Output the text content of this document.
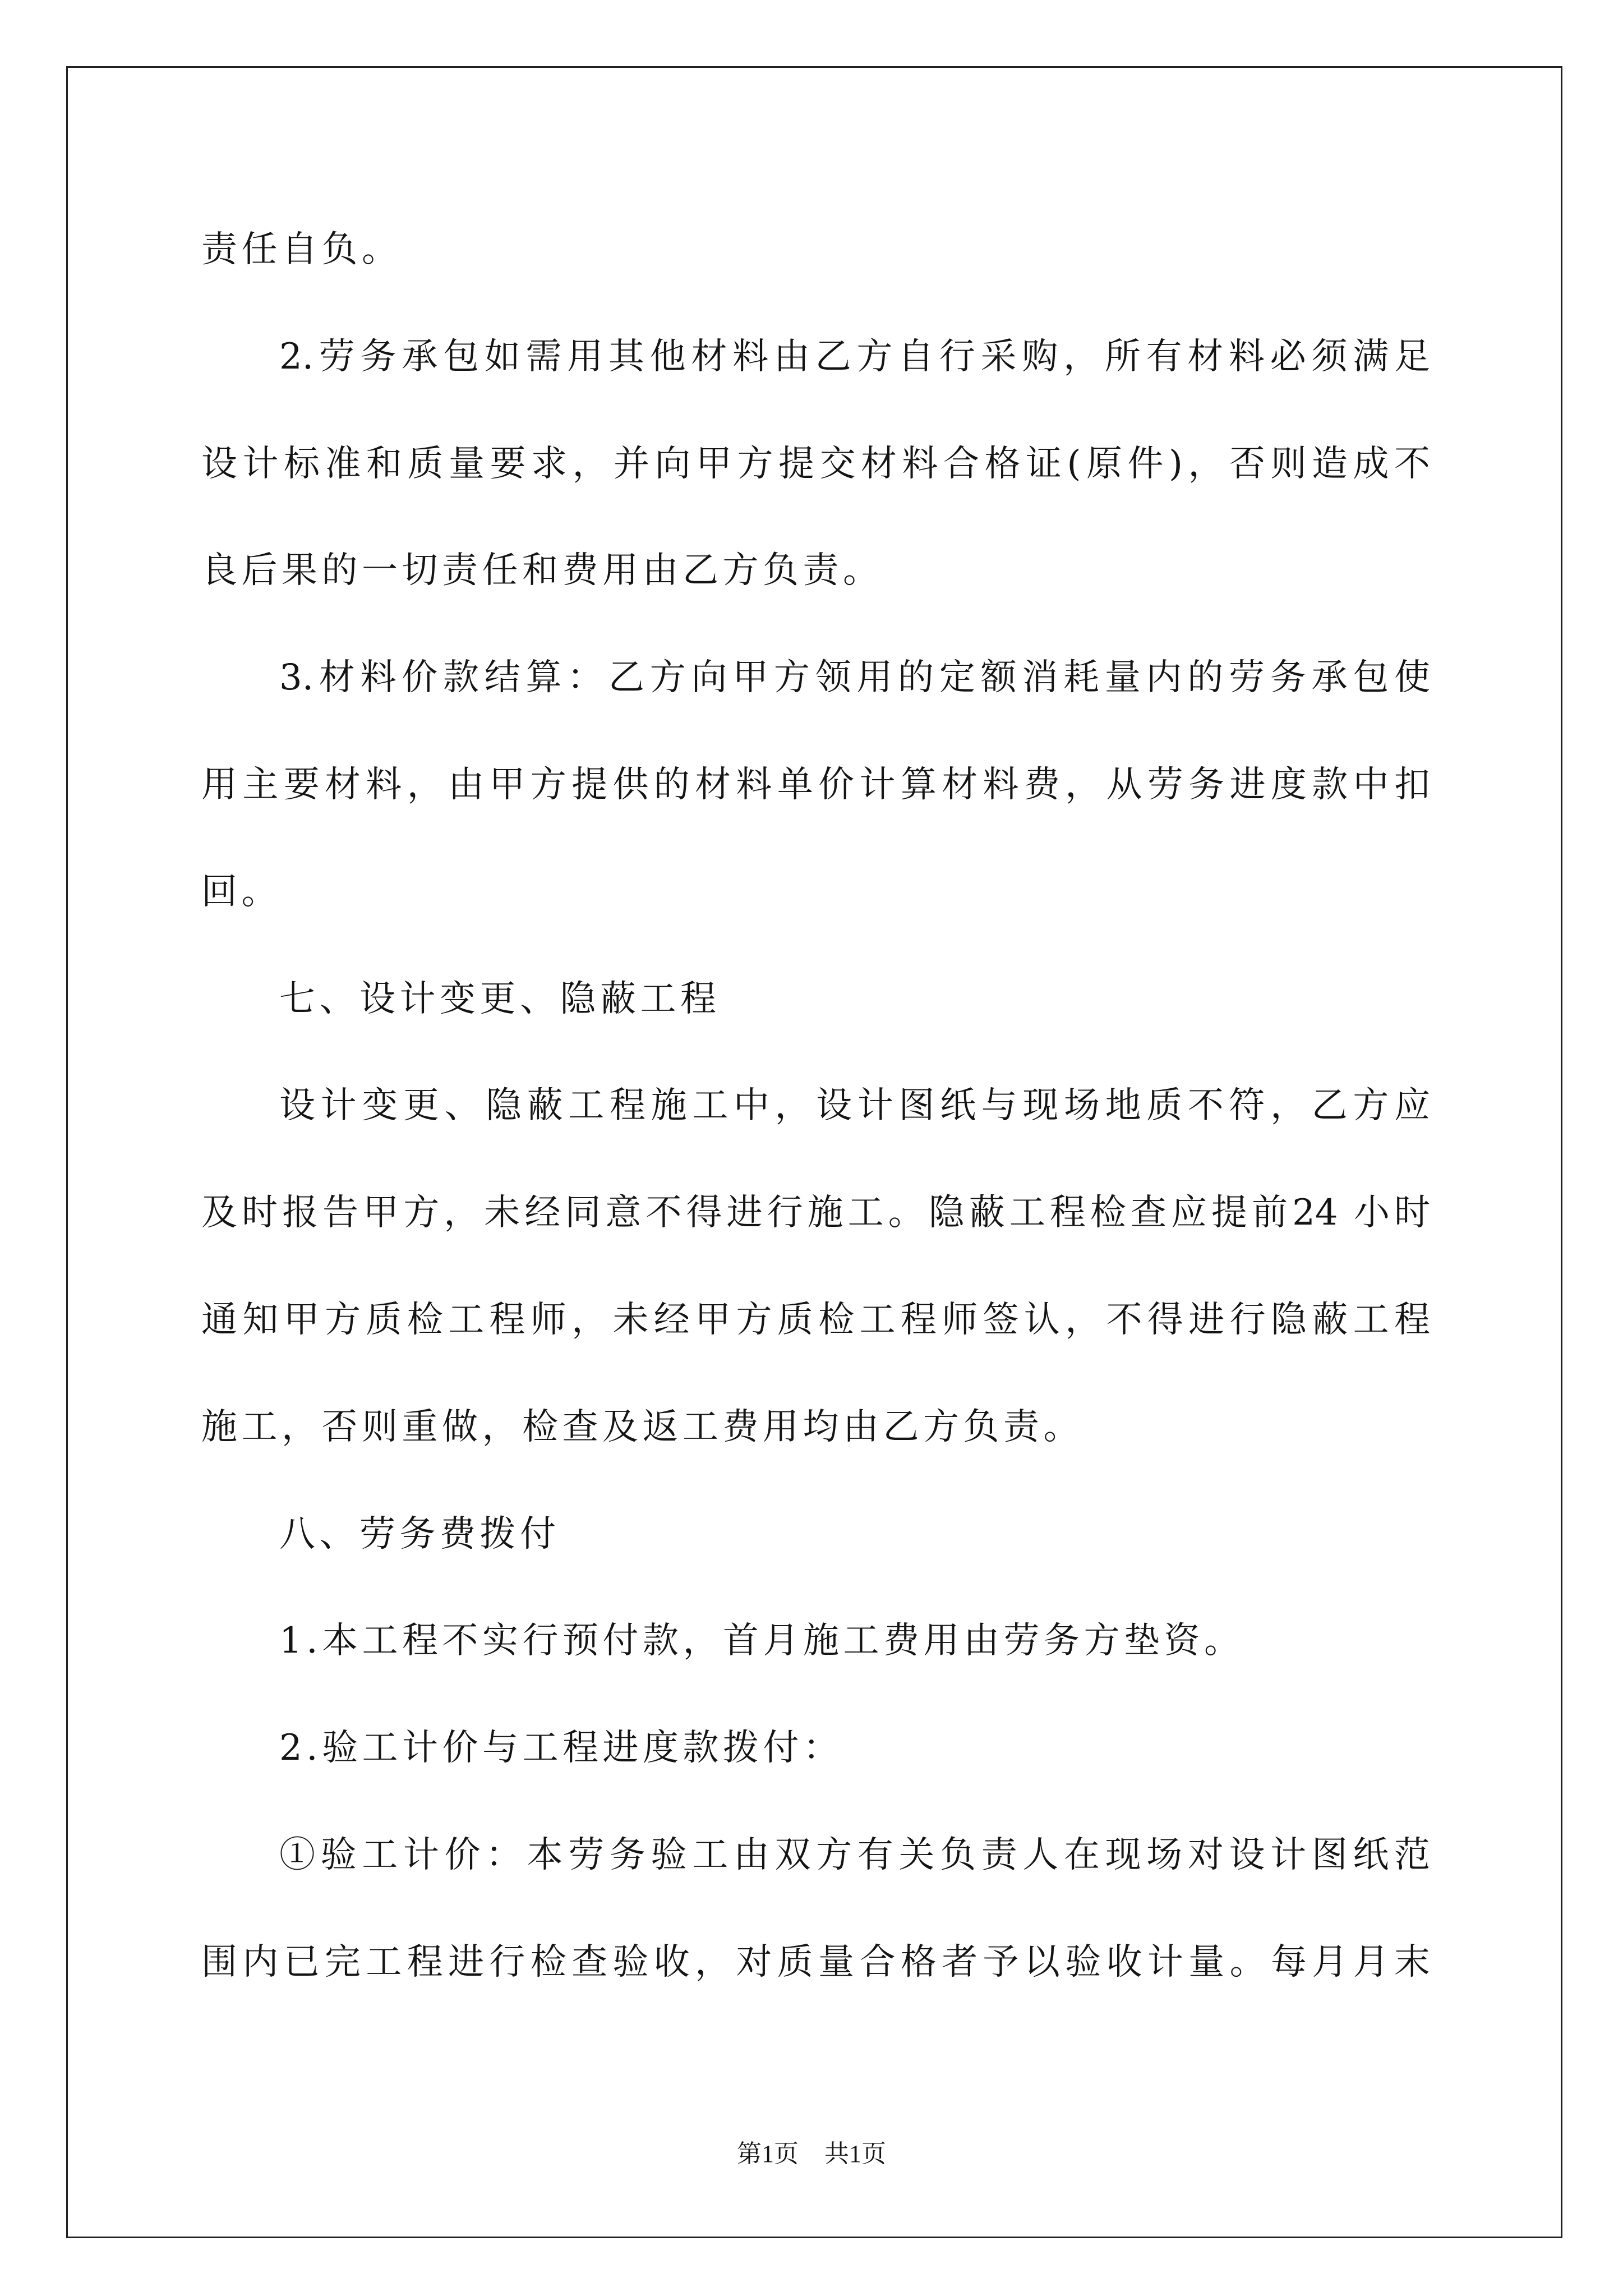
责任自负。
2.劳务承包如需用其他材料由乙方自行采购，所有材料必须满足
设计标准和质量要求，并向甲方提交材料合格证(原件)，否则造成不
良后果的一切责任和费用由乙方负责。
3.材料价款结算：乙方向甲方领用的定额消耗量内的劳务承包使
用主要材料，由甲方提供的材料单价计算材料费，从劳务进度款中扣
回。
七、设计变更、隐蔽工程
设计变更、隐蔽工程施工中，设计图纸与现场地质不符，乙方应
及时报告甲方，未经同意不得进行施工。隐蔽工程检查应提前24 小时
通知甲方质检工程师，未经甲方质检工程师签认，不得进行隐蔽工程
施工，否则重做，检查及返工费用均由乙方负责。
八、劳务费拨付
1.本工程不实行预付款，首月施工费用由劳务方垫资。
2.验工计价与工程进度款拨付：
①验工计价：本劳务验工由双方有关负责人在现场对设计图纸范
围内已完工程进行检查验收，对质量合格者予以验收计量。每月月末
第1页 共1页
